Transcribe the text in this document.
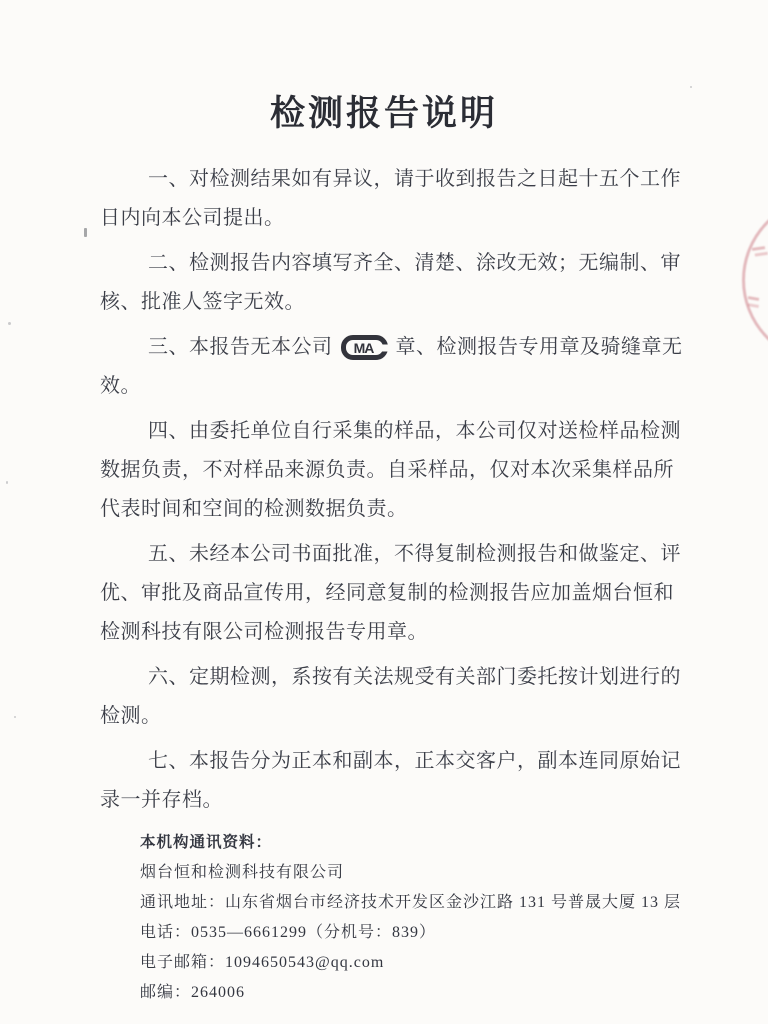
检测报告说明
一、对检测结果如有异议，请于收到报告之日起十五个工作
日内向本公司提出。
二、检测报告内容填写齐全、清楚、涂改无效；无编制、审
核、批准人签字无效。
三、本报告无本公司	MA	章、检测报告专用章及骑缝章无
效。
四、由委托单位自行采集的样品，本公司仅对送检样品检测
数据负责，不对样品来源负责。自采样品，仅对本次采集样品所
代表时间和空间的检测数据负责。
五、未经本公司书面批准，不得复制检测报告和做鉴定、评
优、审批及商品宣传用，经同意复制的检测报告应加盖烟台恒和
检测科技有限公司检测报告专用章。
六、定期检测，系按有关法规受有关部门委托按计划进行的
检测。
七、本报告分为正本和副本，正本交客户，副本连同原始记
录一并存档。
本机构通讯资料：
烟台恒和检测科技有限公司
通讯地址：山东省烟台市经济技术开发区金沙江路 131 号普晟大厦 13 层
电话：0535—6661299（分机号：839）
电子邮箱：1094650543@qq.com
邮编：264006
